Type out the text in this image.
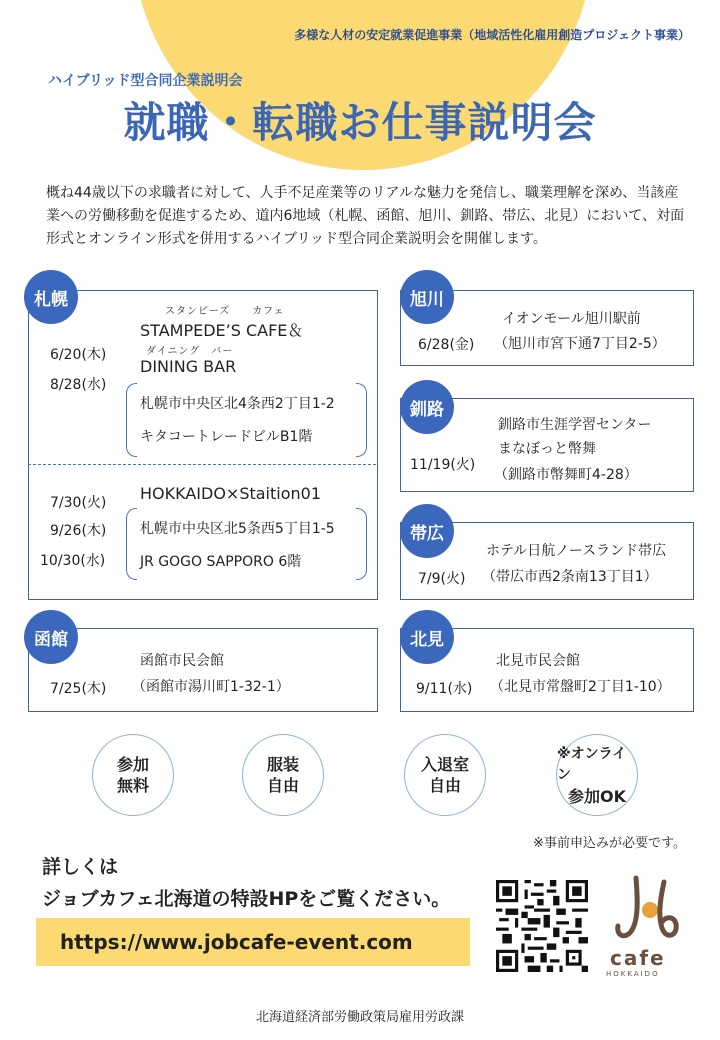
多様な人材の安定就業促進事業（地域活性化雇用創造プロジェクト事業）
ハイブリッド型合同企業説明会
就職・転職お仕事説明会
概ね44歳以下の求職者に対して、人手不足産業等のリアルな魅力を発信し、職業理解を深め、当該産業への労働移動を促進するため、道内6地域（札幌、函館、旭川、釧路、帯広、北見）において、対面形式とオンライン形式を併用するハイブリッド型合同企業説明会を開催します。
札幌
6/20(木)
8/28(水)
スタンピーズ　　カフェ
STAMPEDE’S CAFE＆
ダイニング　バー
DINING BAR
札幌市中央区北4条西2丁目1-2
キタコートレードビルB1階
7/30(火)
9/26(木)
10/30(水)
HOKKAIDO×Staition01
札幌市中央区北5条西5丁目1-5
JR GOGO SAPPORO 6階
函館
函館市民会館
7/25(木) （函館市湯川町1-32-1）
旭川
イオンモール旭川駅前
6/28(金) （旭川市宮下通7丁目2-5）
釧路
釧路市生涯学習センター
まなぼっと幣舞
11/19(火)
（釧路市幣舞町4-28）
帯広
ホテル日航ノースランド帯広
7/9(火) （帯広市西2条南13丁目1）
北見
北見市民会館
9/11(水) （北見市常盤町2丁目1-10）
参加
無料
服装
自由
入退室
自由
※オンライン
参加OK
※事前申込みが必要です。
詳しくは
ジョブカフェ北海道の特設HPをご覧ください。
https://www.jobcafe-event.com
cafe
HOKKAIDO
北海道経済部労働政策局雇用労政課
